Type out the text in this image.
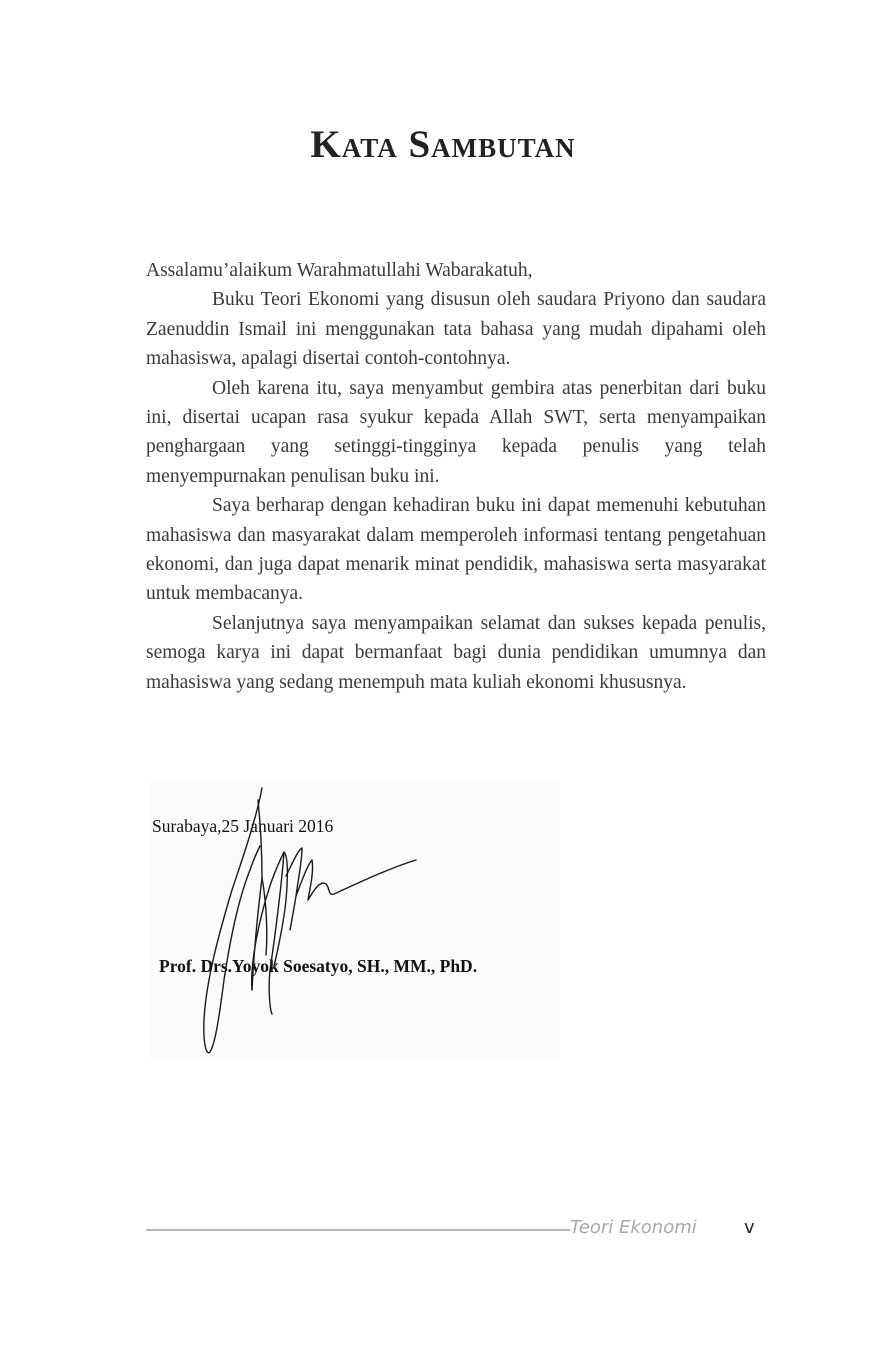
Kata Sambutan

Assalamu’alaikum Warahmatullahi Wabarakatuh,

Buku Teori Ekonomi yang disusun oleh saudara Priyono dan saudara Zaenuddin Ismail ini menggunakan tata bahasa yang mudah dipahami oleh mahasiswa, apalagi disertai contoh-contohnya.

Oleh karena itu, saya menyambut gembira atas penerbitan dari buku ini, disertai ucapan rasa syukur kepada Allah SWT, serta menyampaikan penghargaan yang setinggi-tingginya kepada penulis yang telah menyempurnakan penulisan buku ini.

Saya berharap dengan kehadiran buku ini dapat memenuhi kebutuhan mahasiswa dan masyarakat dalam memperoleh informasi tentang pengetahuan ekonomi, dan juga dapat menarik minat pendidik, mahasiswa serta masyarakat untuk membacanya.

Selanjutnya saya menyampaikan selamat dan sukses kepada penulis, semoga karya ini dapat bermanfaat bagi dunia pendidikan umumnya dan mahasiswa yang sedang menempuh mata kuliah ekonomi khususnya.

Surabaya,25 Januari 2016

Prof. Drs.Yoyok Soesatyo, SH., MM., PhD.

Teori Ekonomi	v
